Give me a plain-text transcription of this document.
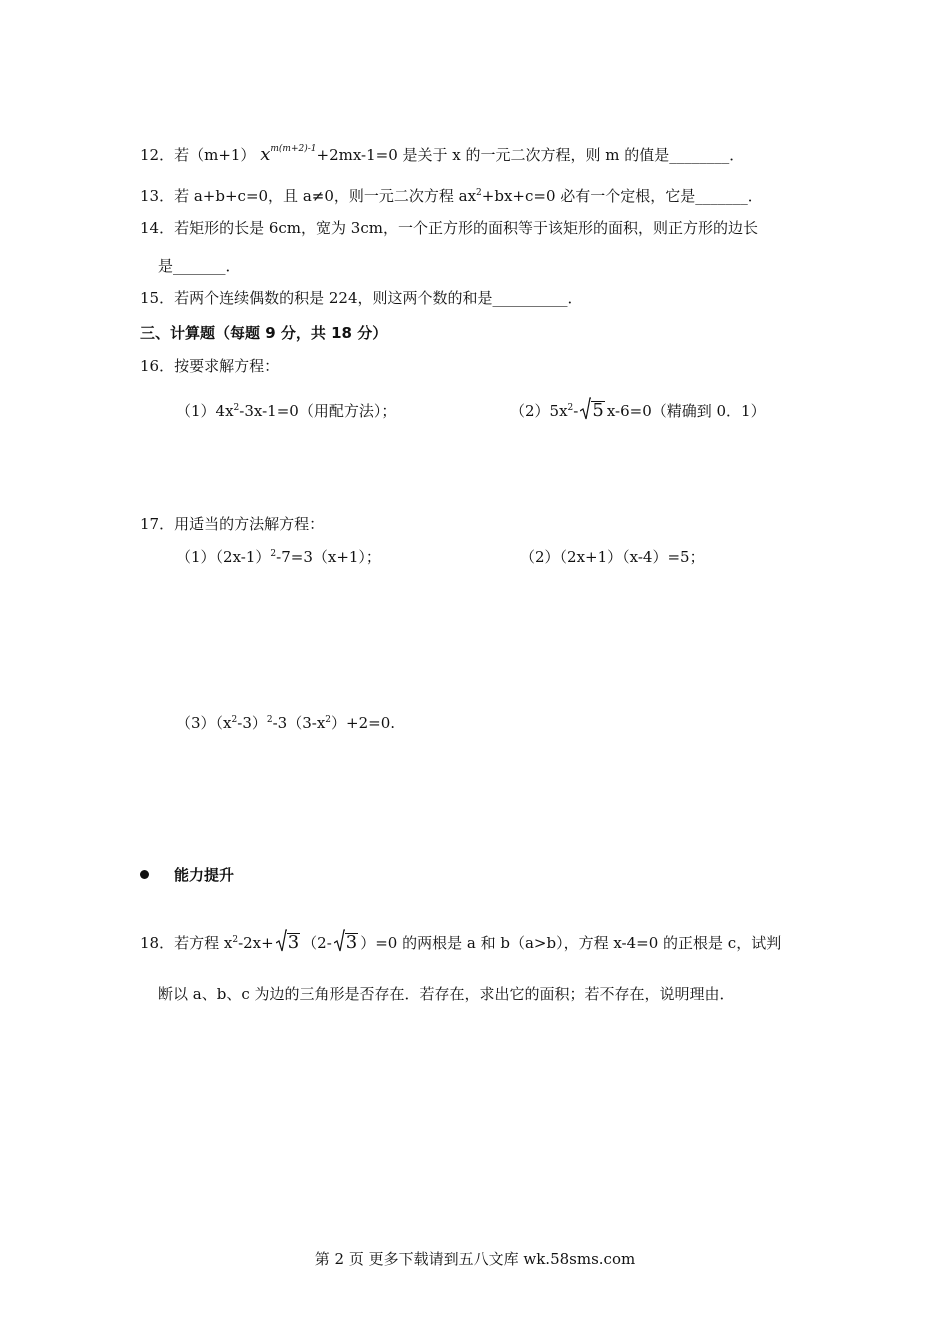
12．若（m+1） $x^{m(m+2)-1}+2mx-1=0$ 是关于 x 的一元二次方程，则 m 的值是________．
13．若 a+b+c=0，且 a≠0，则一元二次方程 $ax^2+bx+c=0$ 必有一个定根，它是_______．
14．若矩形的长是 6cm，宽为 3cm，一个正方形的面积等于该矩形的面积，则正方形的边长
是_______．
15．若两个连续偶数的积是 224，则这两个数的和是__________．
三、计算题（每题 9 分，共 18 分）
16．按要求解方程：
$(1)4x^2-3x-1=0$（用配方法）；	$(2)5x^2-$ 5 x-6=0（精确到 0．1）
17．用适当的方法解方程：
$(1)(2x-1)^2-7=3(x+1)$；	（2）（2x+1）（x-4）=5；
$(3)(x^2-3)^2-3(3-x^2)+2=0$.
能力提升
18．若方程 $x^2-2x+ 3$ （2- 3 ）=0 的两根是 a 和 b（a>b），方程 x-4=0 的正根是 c，试判
断以 a、b、c 为边的三角形是否存在．若存在，求出它的面积；若不存在，说明理由．
第 2 页 更多下载请到五八文库 wk.58sms.com
